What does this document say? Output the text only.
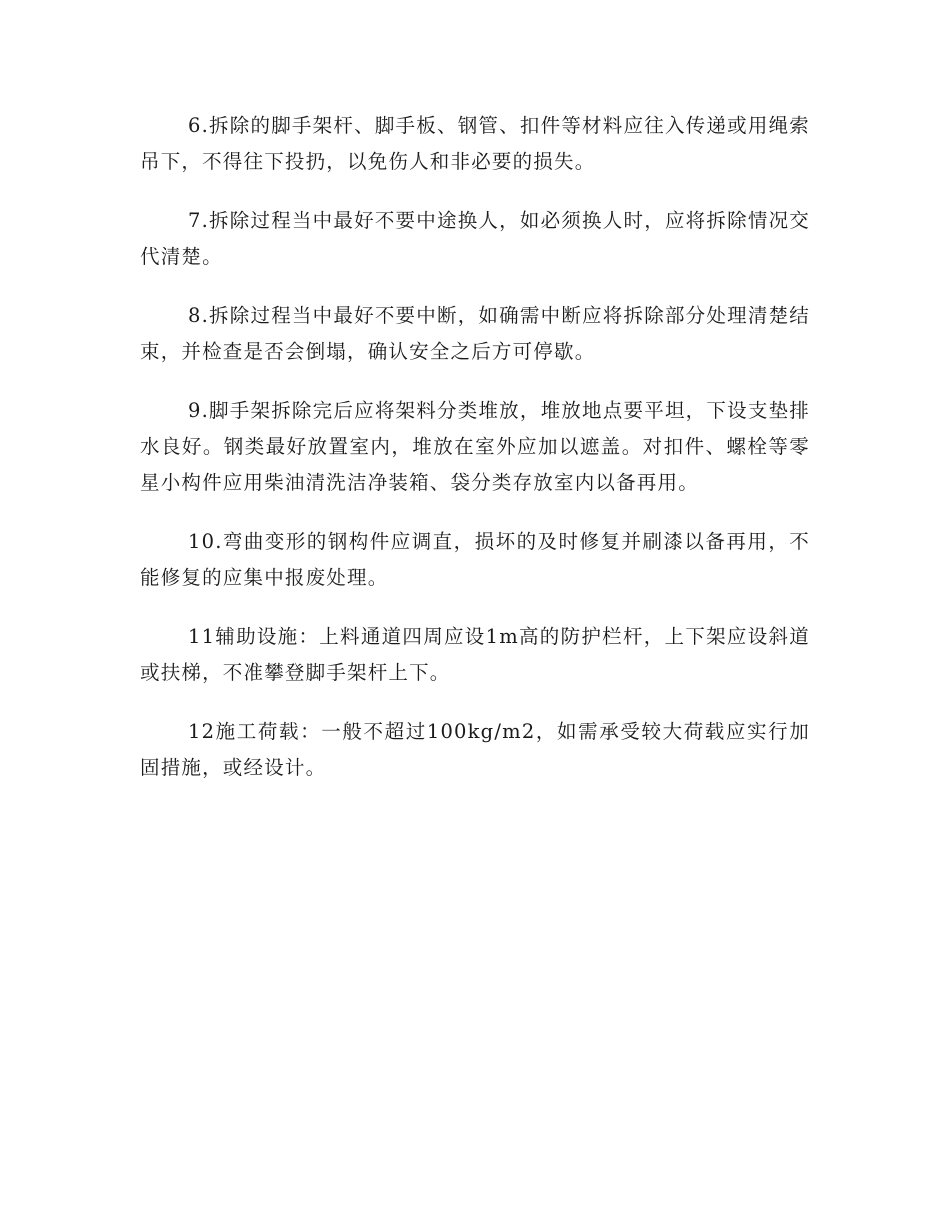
6.拆除的脚手架杆、脚手板、钢管、扣件等材料应往入传递或用绳索吊下，不得往下投扔，以免伤人和非必要的损失。

7.拆除过程当中最好不要中途换人，如必须换人时，应将拆除情况交代清楚。

8.拆除过程当中最好不要中断，如确需中断应将拆除部分处理清楚结束，并检查是否会倒塌，确认安全之后方可停歇。

9.脚手架拆除完后应将架料分类堆放，堆放地点要平坦，下设支垫排水良好。钢类最好放置室内，堆放在室外应加以遮盖。对扣件、螺栓等零星小构件应用柴油清洗洁净装箱、袋分类存放室内以备再用。

10.弯曲变形的钢构件应调直，损坏的及时修复并刷漆以备再用，不能修复的应集中报废处理。

11辅助设施：上料通道四周应设1m高的防护栏杆，上下架应设斜道或扶梯，不准攀登脚手架杆上下。

12施工荷载：一般不超过100kg/m2，如需承受较大荷载应实行加固措施，或经设计。
